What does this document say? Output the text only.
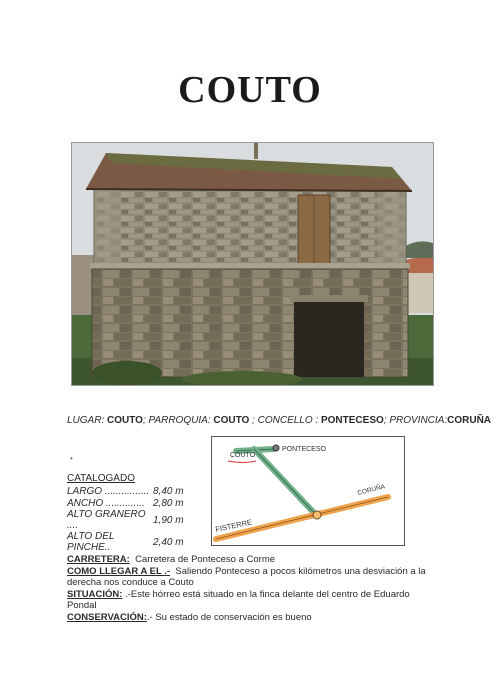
COUTO
LUGAR: COUTO; PARROQUIA: COUTO ; CONCELLO : PONTECESO; PROVINCIA:CORUÑA
•
CATALOGADO
LARGO ................	8,40 m
ANCHO ..............	2,80 m
ALTO GRANERO ....	1,90 m
ALTO DEL PINCHE..	2,40 m
COUTO
PONTECESO
CORUÑA
FISTERRE

CARRETERA: Carretera de Ponteceso a Corme

COMO LLEGAR A EL .- Saliendo Ponteceso a pocos kilómetros una desviación a la derecha nos conduce a Couto

SITUACIÓN: .-Este hórreo está situado en la finca delante del centro de Eduardo Pondal

CONSERVACIÓN:.- Su estado de conservación es bueno
